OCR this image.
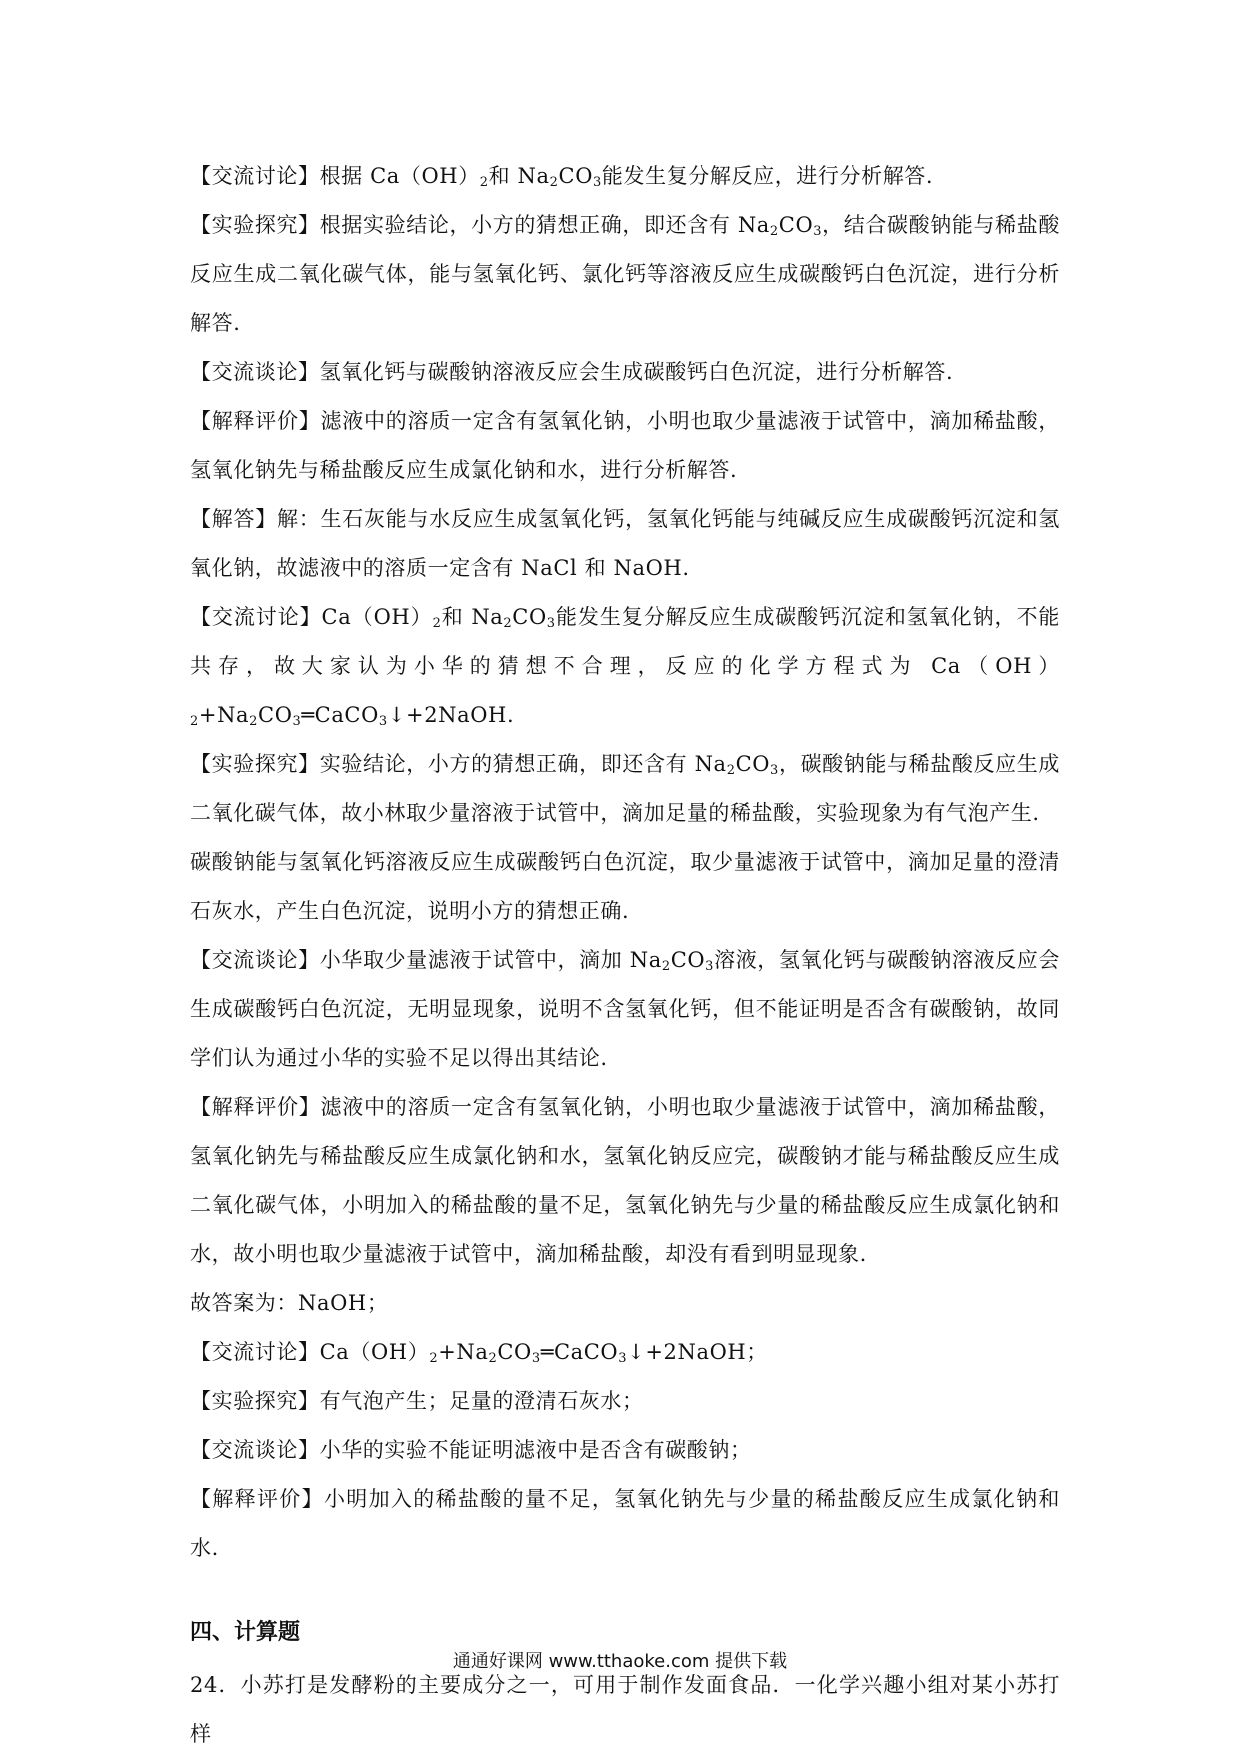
【交流讨论】根据 $Ca(OH)_2$和 $Na_2CO_3$能发生复分解反应，进行分析解答.

【实验探究】根据实验结论，小方的猜想正确，即还含有 $Na_2CO_3$，结合碳酸钠能与稀盐酸反应生成二氧化碳气体，能与氢氧化钙、氯化钙等溶液反应生成碳酸钙白色沉淀，进行分析解答.

【交流谈论】氢氧化钙与碳酸钠溶液反应会生成碳酸钙白色沉淀，进行分析解答.

【解释评价】滤液中的溶质一定含有氢氧化钠，小明也取少量滤液于试管中，滴加稀盐酸，氢氧化钠先与稀盐酸反应生成氯化钠和水，进行分析解答.

【解答】解：生石灰能与水反应生成氢氧化钙，氢氧化钙能与纯碱反应生成碳酸钙沉淀和氢氧化钠，故滤液中的溶质一定含有 NaCl 和 NaOH.

【交流讨论】$Ca(OH)_2$和 $Na_2CO_3$能发生复分解反应生成碳酸钙沉淀和氢氧化钠，不能共存，故大家认为小华的猜想不合理，反应的化学方程式为 $Ca(OH)_2+Na_2CO_3═CaCO_3↓+2NaOH$.

【实验探究】实验结论，小方的猜想正确，即还含有 $Na_2CO_3$，碳酸钠能与稀盐酸反应生成二氧化碳气体，故小林取少量溶液于试管中，滴加足量的稀盐酸，实验现象为有气泡产生.

碳酸钠能与氢氧化钙溶液反应生成碳酸钙白色沉淀，取少量滤液于试管中，滴加足量的澄清石灰水，产生白色沉淀，说明小方的猜想正确.

【交流谈论】小华取少量滤液于试管中，滴加 $Na_2CO_3$溶液，氢氧化钙与碳酸钠溶液反应会生成碳酸钙白色沉淀，无明显现象，说明不含氢氧化钙，但不能证明是否含有碳酸钠，故同学们认为通过小华的实验不足以得出其结论.

【解释评价】滤液中的溶质一定含有氢氧化钠，小明也取少量滤液于试管中，滴加稀盐酸，氢氧化钠先与稀盐酸反应生成氯化钠和水，氢氧化钠反应完，碳酸钠才能与稀盐酸反应生成二氧化碳气体，小明加入的稀盐酸的量不足，氢氧化钠先与少量的稀盐酸反应生成氯化钠和水，故小明也取少量滤液于试管中，滴加稀盐酸，却没有看到明显现象.

故答案为：NaOH；

【交流讨论】$Ca(OH)_2+Na_2CO_3═CaCO_3↓+2NaOH$；

【实验探究】有气泡产生；足量的澄清石灰水；

【交流谈论】小华的实验不能证明滤液中是否含有碳酸钠；

【解释评价】小明加入的稀盐酸的量不足，氢氧化钠先与少量的稀盐酸反应生成氯化钠和水.

四、计算题

24．小苏打是发酵粉的主要成分之一，可用于制作发面食品．一化学兴趣小组对某小苏打样

通通好课网 www.tthaoke.com 提供下载
